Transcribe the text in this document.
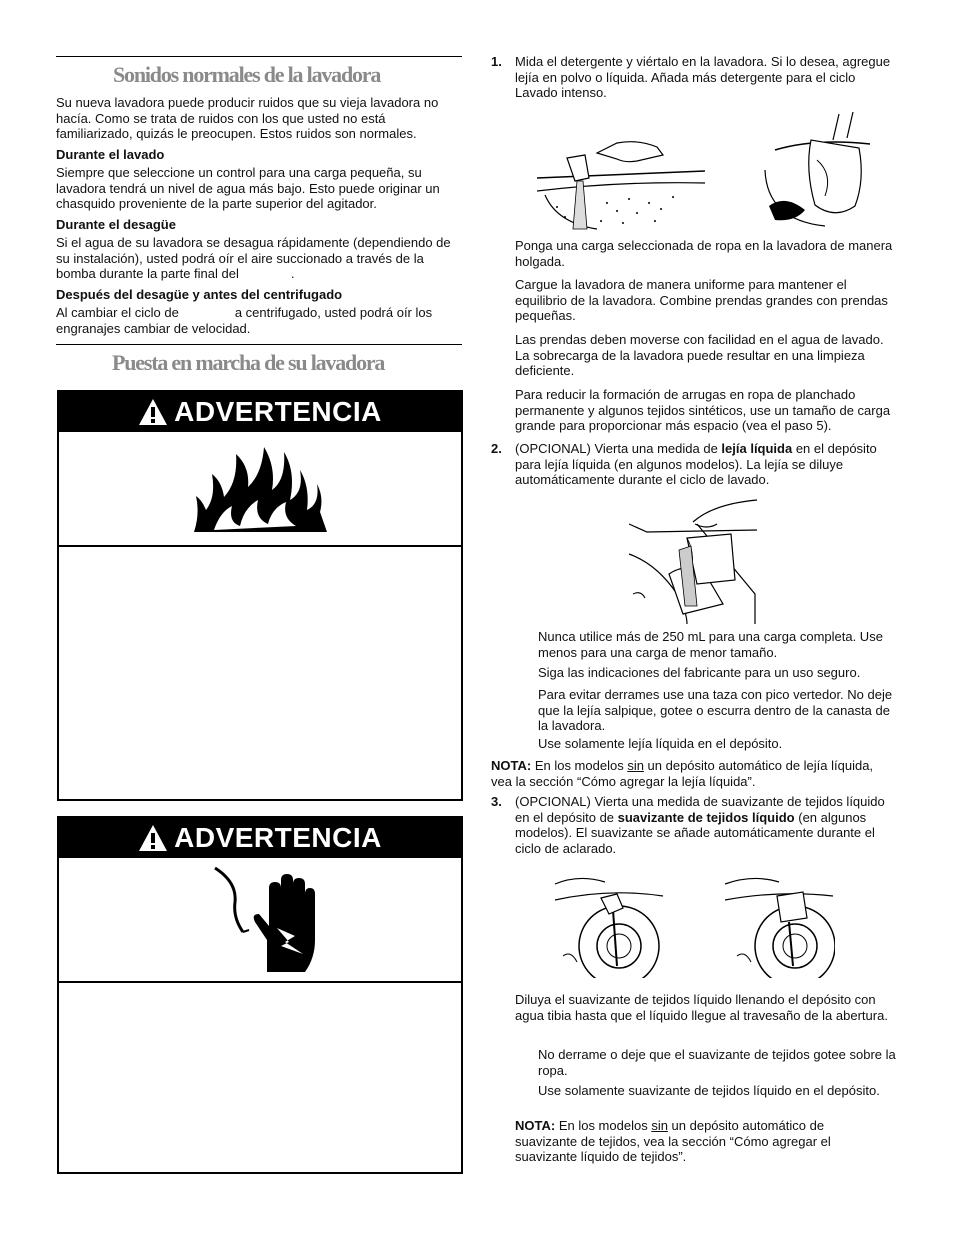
Sonidos normales de la lavadora

Su nueva lavadora puede producir ruidos que su vieja lavadora no hacía. Como se trata de ruidos con los que usted no está familiarizado, quizás le preocupen. Estos ruidos son normales.

Durante el lavado

Siempre que seleccione un control para una carga pequeña, su lavadora tendrá un nivel de agua más bajo. Esto puede originar un chasquido proveniente de la parte superior del agitador.

Durante el desagüe

Si el agua de su lavadora se desagua rápidamente (dependiendo de su instalación), usted podrá oír el aire succionado a través de la bomba durante la parte final del	.

Después del desagüe y antes del centrifugado

Al cambiar el ciclo de	a centrifugado, usted podrá oír los engranajes cambiar de velocidad.

Puesta en marcha de su lavadora
ADVERTENCIA
ADVERTENCIA
1. Mida el detergente y viértalo en la lavadora. Si lo desea, agregue lejía en polvo o líquida. Añada más detergente para el ciclo Lavado intenso.

Ponga una carga seleccionada de ropa en la lavadora de manera holgada.

Cargue la lavadora de manera uniforme para mantener el equilibrio de la lavadora. Combine prendas grandes con prendas pequeñas.

Las prendas deben moverse con facilidad en el agua de lavado. La sobrecarga de la lavadora puede resultar en una limpieza deficiente.

Para reducir la formación de arrugas en ropa de planchado permanente y algunos tejidos sintéticos, use un tamaño de carga grande para proporcionar más espacio (vea el paso 5).

2. (OPCIONAL) Vierta una medida de lejía líquida en el depósito para lejía líquida (en algunos modelos). La lejía se diluye automáticamente durante el ciclo de lavado.

Nunca utilice más de 250 mL para una carga completa. Use menos para una carga de menor tamaño.

Siga las indicaciones del fabricante para un uso seguro.

Para evitar derrames use una taza con pico vertedor. No deje que la lejía salpique, gotee o escurra dentro de la canasta de la lavadora.

Use solamente lejía líquida en el depósito.

NOTA: En los modelos sin un depósito automático de lejía líquida, vea la sección “Cómo agregar la lejía líquida”.

3. (OPCIONAL) Vierta una medida de suavizante de tejidos líquido en el depósito de suavizante de tejidos líquido (en algunos modelos). El suavizante se añade automáticamente durante el ciclo de aclarado.

Diluya el suavizante de tejidos líquido llenando el depósito con agua tibia hasta que el líquido llegue al travesaño de la abertura.

No derrame o deje que el suavizante de tejidos gotee sobre la ropa.

Use solamente suavizante de tejidos líquido en el depósito.

NOTA: En los modelos sin un depósito automático de suavizante de tejidos, vea la sección “Cómo agregar el suavizante líquido de tejidos”.
